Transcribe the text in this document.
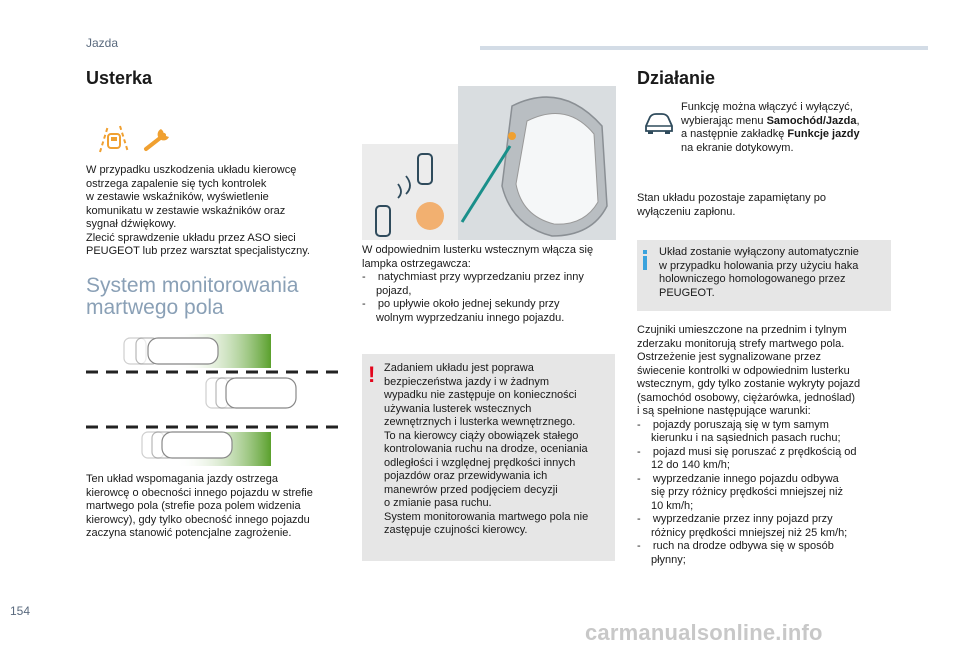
Jazda
Usterka
W przypadku uszkodzenia układu kierowcę
ostrzega zapalenie się tych kontrolek
w zestawie wskaźników, wyświetlenie
komunikatu w zestawie wskaźników oraz
sygnał dźwiękowy.
Zlecić sprawdzenie układu przez ASO sieci
PEUGEOT lub przez warsztat specjalistyczny.
System monitorowania
martwego pola
Ten układ wspomagania jazdy ostrzega
kierowcę o obecności innego pojazdu w strefie
martwego pola (strefie poza polem widzenia
kierowcy), gdy tylko obecność innego pojazdu
zaczyna stanowić potencjalne zagrożenie.
W odpowiednim lusterku wstecznym włącza się
lampka ostrzegawcza:
-    natychmiast przy wyprzedzaniu przez inny
pojazd,
-    po upływie około jednej sekundy przy
wolnym wyprzedzaniu innego pojazdu.
! Zadaniem układu jest poprawa
bezpieczeństwa jazdy i w żadnym
wypadku nie zastępuje on konieczności
używania lusterek wstecznych
zewnętrznych i lusterka wewnętrznego.
To na kierowcy ciąży obowiązek stałego
kontrolowania ruchu na drodze, oceniania
odległości i względnej prędkości innych
pojazdów oraz przewidywania ich
manewrów przed podjęciem decyzji
o zmianie pasa ruchu.
System monitorowania martwego pola nie
zastępuje czujności kierowcy.
Działanie
Funkcję można włączyć i wyłączyć,
wybierając menu Samochód/Jazda,
a następnie zakładkę Funkcje jazdy
na ekranie dotykowym.
Stan układu pozostaje zapamiętany po
wyłączeniu zapłonu.
Układ zostanie wyłączony automatycznie
w przypadku holowania przy użyciu haka
holowniczego homologowanego przez
PEUGEOT.
Czujniki umieszczone na przednim i tylnym
zderzaku monitorują strefy martwego pola.
Ostrzeżenie jest sygnalizowane przez
świecenie kontrolki w odpowiednim lusterku
wstecznym, gdy tylko zostanie wykryty pojazd
(samochód osobowy, ciężarówka, jednoślad)
i są spełnione następujące warunki:
-    pojazdy poruszają się w tym samym
kierunku i na sąsiednich pasach ruchu;
-    pojazd musi się poruszać z prędkością od
12 do 140 km/h;
-    wyprzedzanie innego pojazdu odbywa
się przy różnicy prędkości mniejszej niż
10 km/h;
-    wyprzedzanie przez inny pojazd przy
różnicy prędkości mniejszej niż 25 km/h;
-    ruch na drodze odbywa się w sposób
płynny;
154
carmanualsonline.info
